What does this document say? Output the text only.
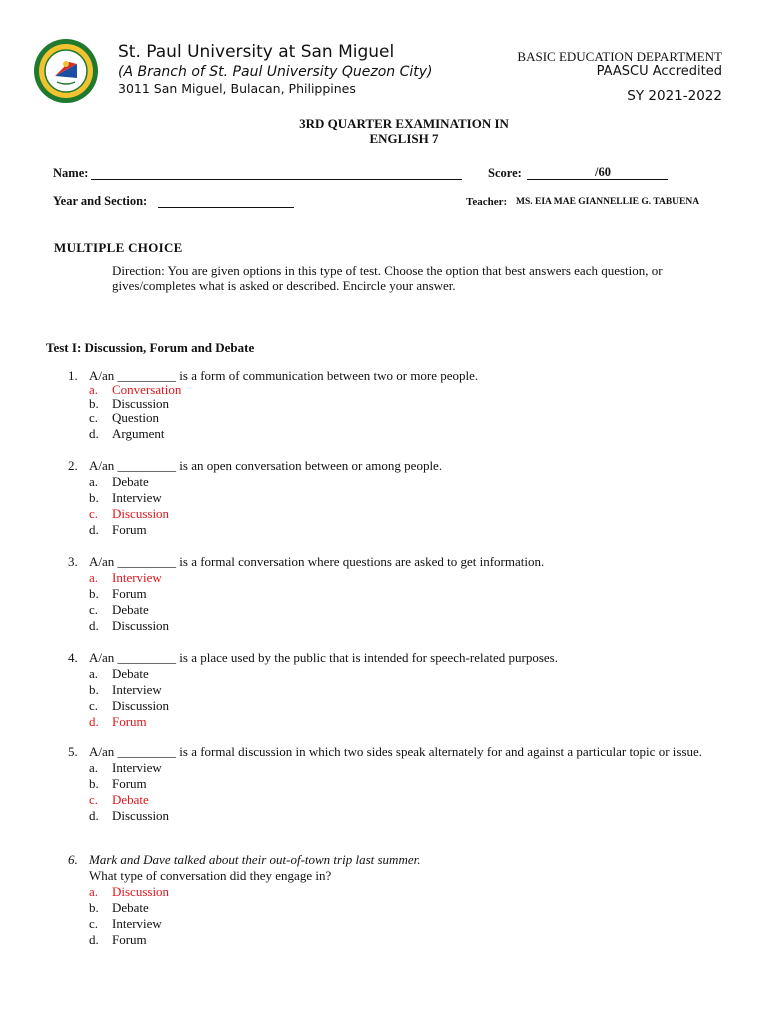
St. Paul University at San Miguel
(A Branch of St. Paul University Quezon City)
3011 San Miguel, Bulacan, Philippines
BASIC EDUCATION DEPARTMENT
PAASCU Accredited
SY 2021-2022
3RD QUARTER EXAMINATION IN
ENGLISH 7
Name:	Score:	/60
Year and Section:	Teacher: MS. EIA MAE GIANNELLIE G. TABUENA
MULTIPLE CHOICE
Direction: You are given options in this type of test. Choose the option that best answers each question, or gives/completes what is asked or described. Encircle your answer.
Test I: Discussion, Forum and Debate
1. A/an _________ is a form of communication between two or more people.
a. Conversation
b. Discussion
c. Question
d. Argument
2. A/an _________ is an open conversation between or among people.
a. Debate
b. Interview
c. Discussion
d. Forum
3. A/an _________ is a formal conversation where questions are asked to get information.
a. Interview
b. Forum
c. Debate
d. Discussion
4. A/an _________ is a place used by the public that is intended for speech-related purposes.
a. Debate
b. Interview
c. Discussion
d. Forum
5. A/an _________ is a formal discussion in which two sides speak alternately for and against a particular topic or issue.
a. Interview
b. Forum
c. Debate
d. Discussion
6. Mark and Dave talked about their out-of-town trip last summer.
What type of conversation did they engage in?
a. Discussion
b. Debate
c. Interview
d. Forum
